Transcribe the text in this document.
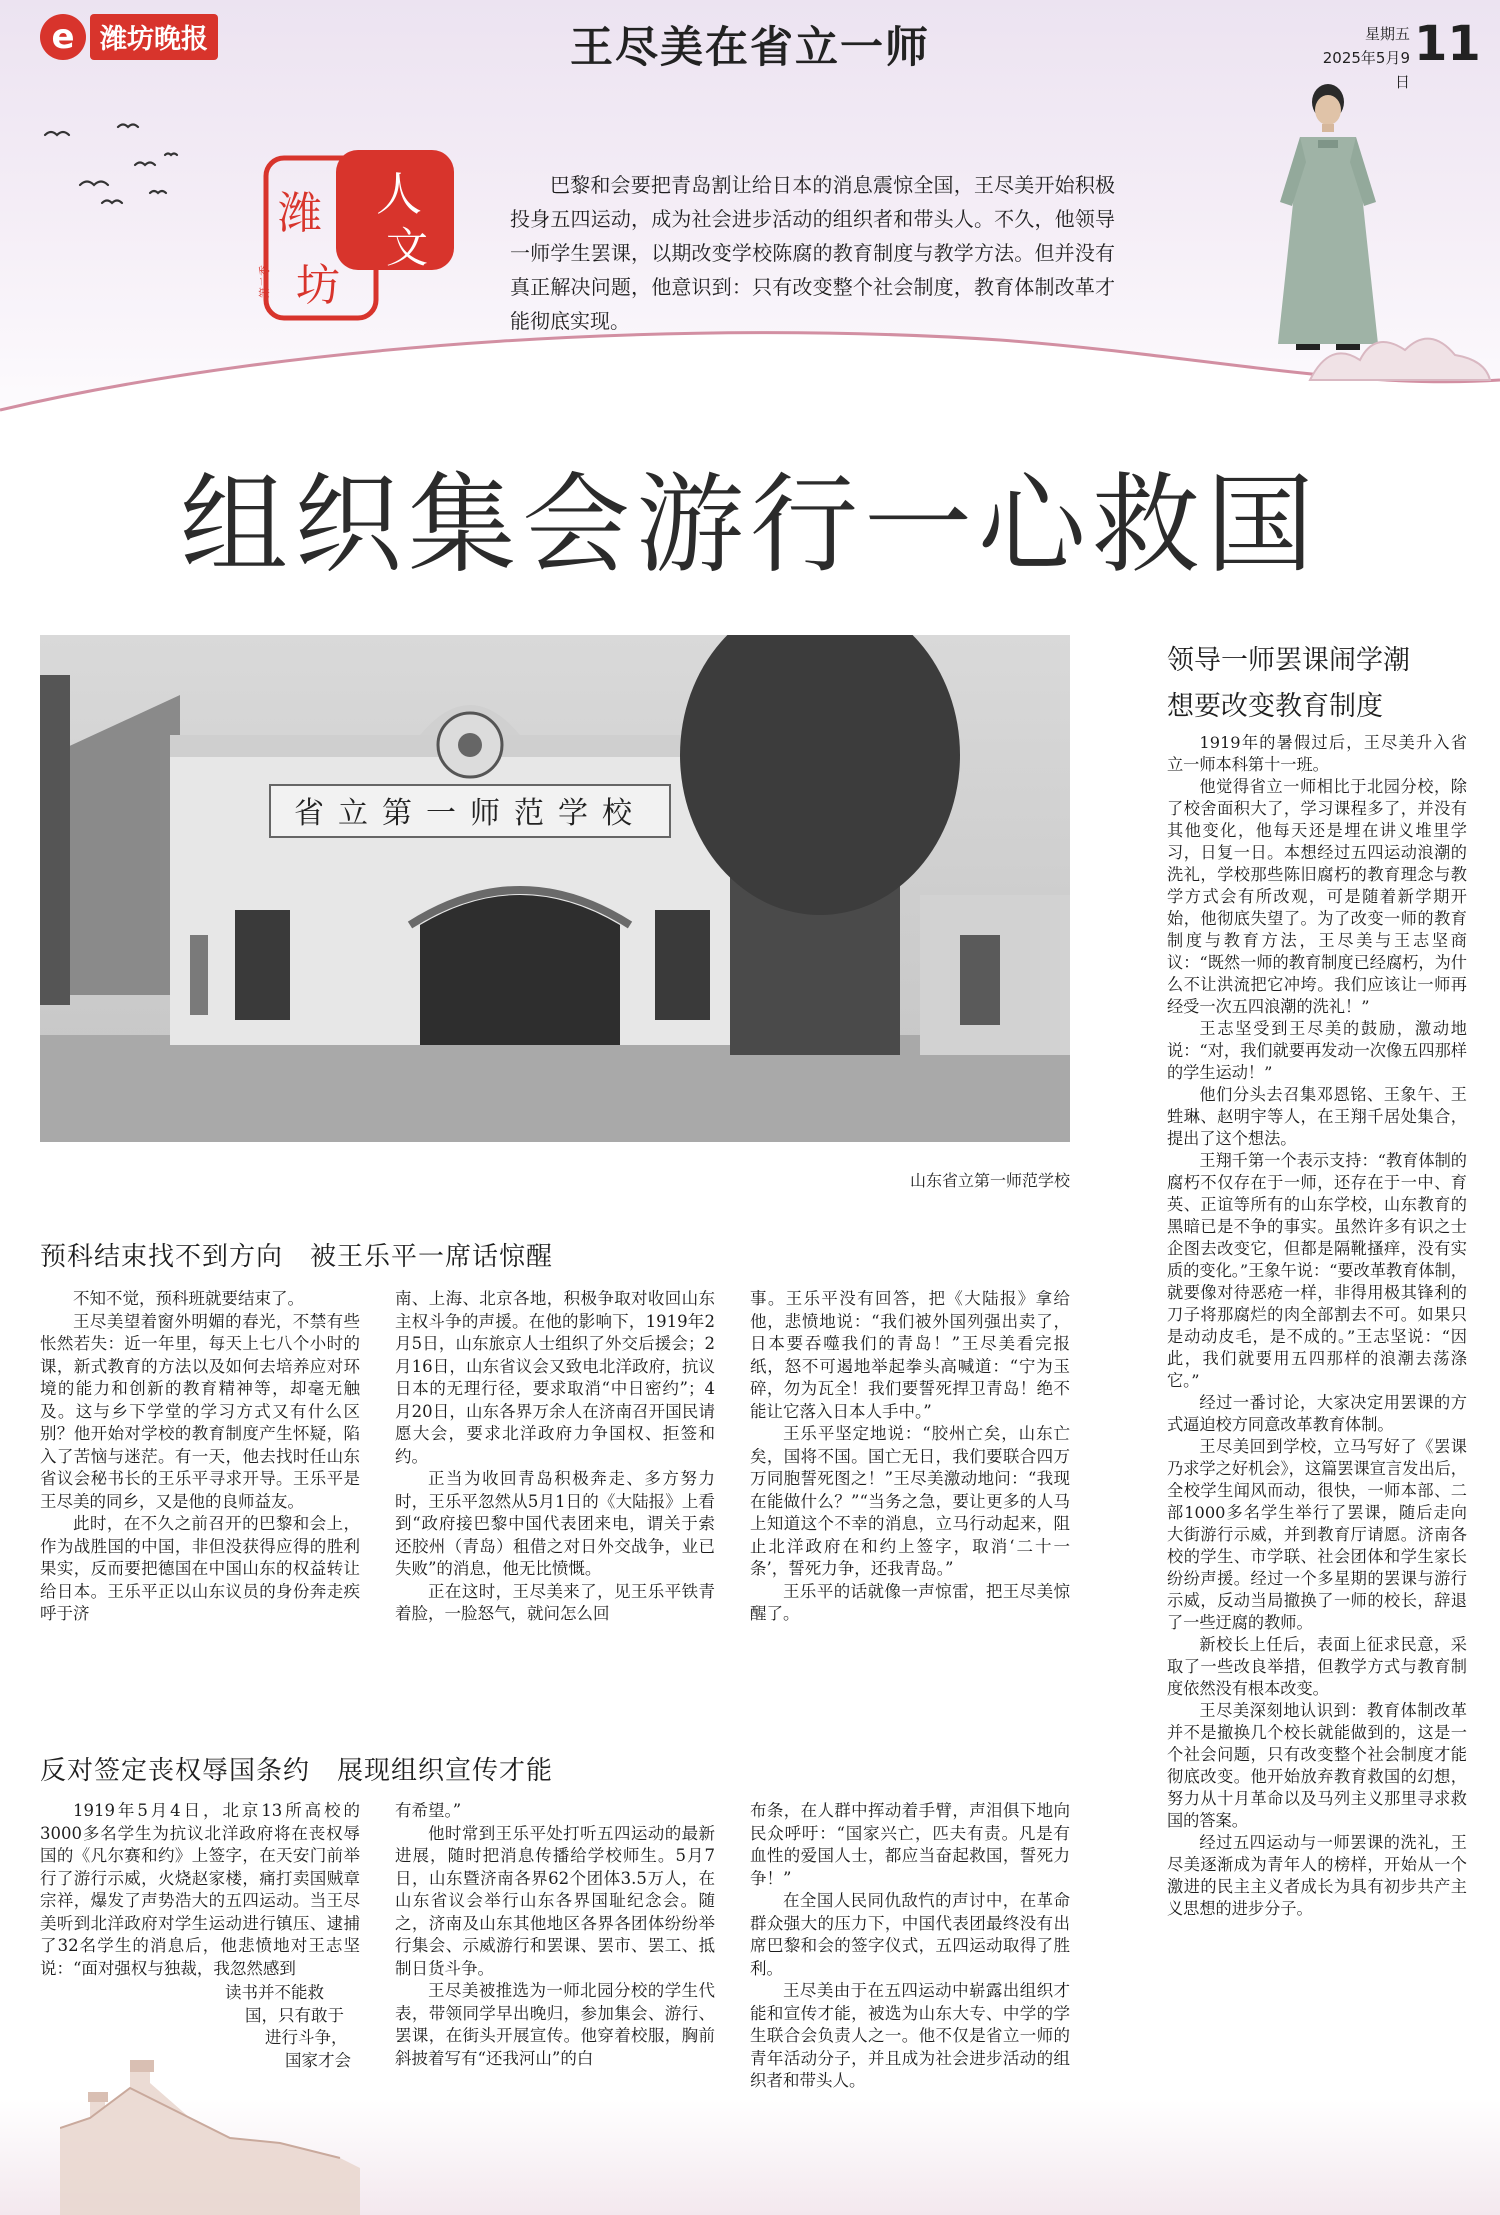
e 潍坊晚报	王尽美在省立一师	星期五
2025年5月9日
11
潍
坊
人
文
第二季

巴黎和会要把青岛割让给日本的消息震惊全国，王尽美开始积极投身五四运动，成为社会进步活动的组织者和带头人。不久，他领导一师学生罢课，以期改变学校陈腐的教育制度与教学方法。但并没有真正解决问题，他意识到：只有改变整个社会制度，教育体制改革才能彻底实现。

组织集会游行一心救国
省立第一师范学校
山东省立第一师范学校
预科结束找不到方向　被王乐平一席话惊醒

不知不觉，预科班就要结束了。

王尽美望着窗外明媚的春光，不禁有些怅然若失：近一年里，每天上七八个小时的课，新式教育的方法以及如何去培养应对环境的能力和创新的教育精神等，却毫无触及。这与乡下学堂的学习方式又有什么区别？他开始对学校的教育制度产生怀疑，陷入了苦恼与迷茫。有一天，他去找时任山东省议会秘书长的王乐平寻求开导。王乐平是王尽美的同乡，又是他的良师益友。

此时，在不久之前召开的巴黎和会上，作为战胜国的中国，非但没获得应得的胜利果实，反而要把德国在中国山东的权益转让给日本。王乐平正以山东议员的身份奔走疾呼于济

南、上海、北京各地，积极争取对收回山东主权斗争的声援。在他的影响下，1919年2月5日，山东旅京人士组织了外交后援会；2月16日，山东省议会又致电北洋政府，抗议日本的无理行径，要求取消“中日密约”；4月20日，山东各界万余人在济南召开国民请愿大会，要求北洋政府力争国权、拒签和约。

正当为收回青岛积极奔走、多方努力时，王乐平忽然从5月1日的《大陆报》上看到“政府接巴黎中国代表团来电，谓关于索还胶州（青岛）租借之对日外交战争，业已失败”的消息，他无比愤慨。

正在这时，王尽美来了，见王乐平铁青着脸，一脸怒气，就问怎么回

事。王乐平没有回答，把《大陆报》拿给他，悲愤地说：“我们被外国列强出卖了，日本要吞噬我们的青岛！”王尽美看完报纸，怒不可遏地举起拳头高喊道：“宁为玉碎，勿为瓦全！我们要誓死捍卫青岛！绝不能让它落入日本人手中。”

王乐平坚定地说：“胶州亡矣，山东亡矣，国将不国。国亡无日，我们要联合四万万同胞誓死图之！”王尽美激动地问：“我现在能做什么？”“当务之急，要让更多的人马上知道这个不幸的消息，立马行动起来，阻止北洋政府在和约上签字，取消‘二十一条’，誓死力争，还我青岛。”

王乐平的话就像一声惊雷，把王尽美惊醒了。

反对签定丧权辱国条约　展现组织宣传才能

1919年5月4日，北京13所高校的3000多名学生为抗议北洋政府将在丧权辱国的《凡尔赛和约》上签字，在天安门前举行了游行示威，火烧赵家楼，痛打卖国贼章宗祥，爆发了声势浩大的五四运动。当王尽美听到北洋政府对学生运动进行镇压、逮捕了32名学生的消息后，他悲愤地对王志坚说：“面对强权与独裁，我忽然感到

读书并不能救
国，只有敢于
进行斗争，
国家才会

有希望。”

他时常到王乐平处打听五四运动的最新进展，随时把消息传播给学校师生。5月7日，山东暨济南各界62个团体3.5万人，在山东省议会举行山东各界国耻纪念会。随之，济南及山东其他地区各界各团体纷纷举行集会、示威游行和罢课、罢市、罢工、抵制日货斗争。

王尽美被推选为一师北园分校的学生代表，带领同学早出晚归，参加集会、游行、罢课，在街头开展宣传。他穿着校服，胸前斜披着写有“还我河山”的白

布条，在人群中挥动着手臂，声泪俱下地向民众呼吁：“国家兴亡，匹夫有责。凡是有血性的爱国人士，都应当奋起救国，誓死力争！”

在全国人民同仇敌忾的声讨中，在革命群众强大的压力下，中国代表团最终没有出席巴黎和会的签字仪式，五四运动取得了胜利。

王尽美由于在五四运动中崭露出组织才能和宣传才能，被选为山东大专、中学的学生联合会负责人之一。他不仅是省立一师的青年活动分子，并且成为社会进步活动的组织者和带头人。

领导一师罢课闹学潮
想要改变教育制度

1919年的暑假过后，王尽美升入省立一师本科第十一班。

他觉得省立一师相比于北园分校，除了校舍面积大了，学习课程多了，并没有其他变化，他每天还是埋在讲义堆里学习，日复一日。本想经过五四运动浪潮的洗礼，学校那些陈旧腐朽的教育理念与教学方式会有所改观，可是随着新学期开始，他彻底失望了。为了改变一师的教育制度与教育方法，王尽美与王志坚商议：“既然一师的教育制度已经腐朽，为什么不让洪流把它冲垮。我们应该让一师再经受一次五四浪潮的洗礼！”

王志坚受到王尽美的鼓励，激动地说：“对，我们就要再发动一次像五四那样的学生运动！”

他们分头去召集邓恩铭、王象午、王甡琳、赵明宇等人，在王翔千居处集合，提出了这个想法。

王翔千第一个表示支持：“教育体制的腐朽不仅存在于一师，还存在于一中、育英、正谊等所有的山东学校，山东教育的黑暗已是不争的事实。虽然许多有识之士企图去改变它，但都是隔靴搔痒，没有实质的变化。”王象午说：“要改革教育体制，就要像对待恶疮一样，非得用极其锋利的刀子将那腐烂的肉全部割去不可。如果只是动动皮毛，是不成的。”王志坚说：“因此，我们就要用五四那样的浪潮去荡涤它。”

经过一番讨论，大家决定用罢课的方式逼迫校方同意改革教育体制。

王尽美回到学校，立马写好了《罢课乃求学之好机会》，这篇罢课宣言发出后，全校学生闻风而动，很快，一师本部、二部1000多名学生举行了罢课，随后走向大街游行示威，并到教育厅请愿。济南各校的学生、市学联、社会团体和学生家长纷纷声援。经过一个多星期的罢课与游行示威，反动当局撤换了一师的校长，辞退了一些迂腐的教师。

新校长上任后，表面上征求民意，采取了一些改良举措，但教学方式与教育制度依然没有根本改变。

王尽美深刻地认识到：教育体制改革并不是撤换几个校长就能做到的，这是一个社会问题，只有改变整个社会制度才能彻底改变。他开始放弃教育救国的幻想，努力从十月革命以及马列主义那里寻求救国的答案。

经过五四运动与一师罢课的洗礼，王尽美逐渐成为青年人的榜样，开始从一个激进的民主主义者成长为具有初步共产主义思想的进步分子。
